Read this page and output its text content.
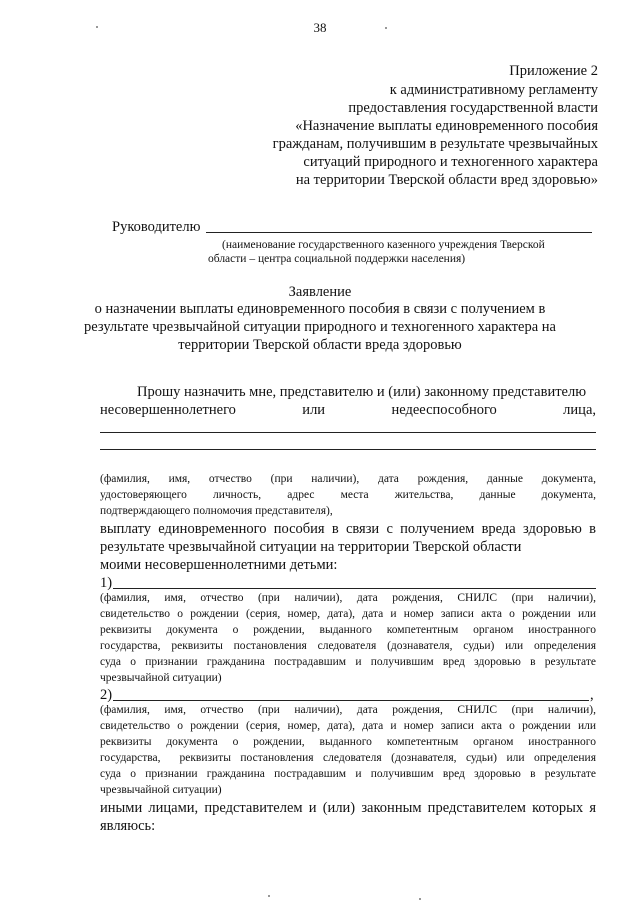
38
Приложение 2
к административному регламенту
предоставления государственной власти
«Назначение выплаты единовременного пособия
гражданам, получившим в результате чрезвычайных
ситуаций природного и техногенного характера
на территории Тверской области вред здоровью»
Руководителю
(наименование государственного казенного учреждения Тверской
области – центра социальной поддержки населения)
Заявление
о назначении выплаты единовременного пособия в связи с получением в
результате чрезвычайной ситуации природного и техногенного характера на
территории Тверской области вреда здоровью
Прошу назначить мне, представителю и (или) законному представителю
несовершеннолетнего      или      недееспособного      лица,
(фамилия,  имя,  отчество  (при  наличии),  дата  рождения,  данные  документа,
удостоверяющего  личность,  адрес  места  жительства,  данные  документа,
подтверждающего полномочия представителя),
выплату единовременного пособия в связи с получением вреда здоровью в
результате чрезвычайной ситуации на территории Тверской области
моими несовершеннолетними детьми:
1)
(фамилия,  имя,  отчество  (при  наличии),  дата  рождения,  СНИЛС  (при  наличии),
свидетельство о рождении (серия, номер, дата), дата и номер записи акта о рождении или
реквизиты  документа  о  рождении,  выданного  компетентным  органом  иностранного
государства, реквизиты постановления следователя (дознавателя, судьи) или определения
суда о признании гражданина пострадавшим и получившим вред здоровью в результате
чрезвычайной ситуации)
2)	,
(фамилия,  имя,  отчество  (при  наличии),  дата  рождения,  СНИЛС  (при  наличии),
свидетельство о рождении (серия, номер, дата), дата и номер записи акта о рождении или
реквизиты  документа  о  рождении,  выданного  компетентным  органом  иностранного
государства,  реквизиты постановления следователя (дознавателя, судьи) или определения
суда о признании гражданина пострадавшим и получившим вред здоровью в результате
чрезвычайной ситуации)
иными лицами, представителем и (или) законным представителем которых я
являюсь:
